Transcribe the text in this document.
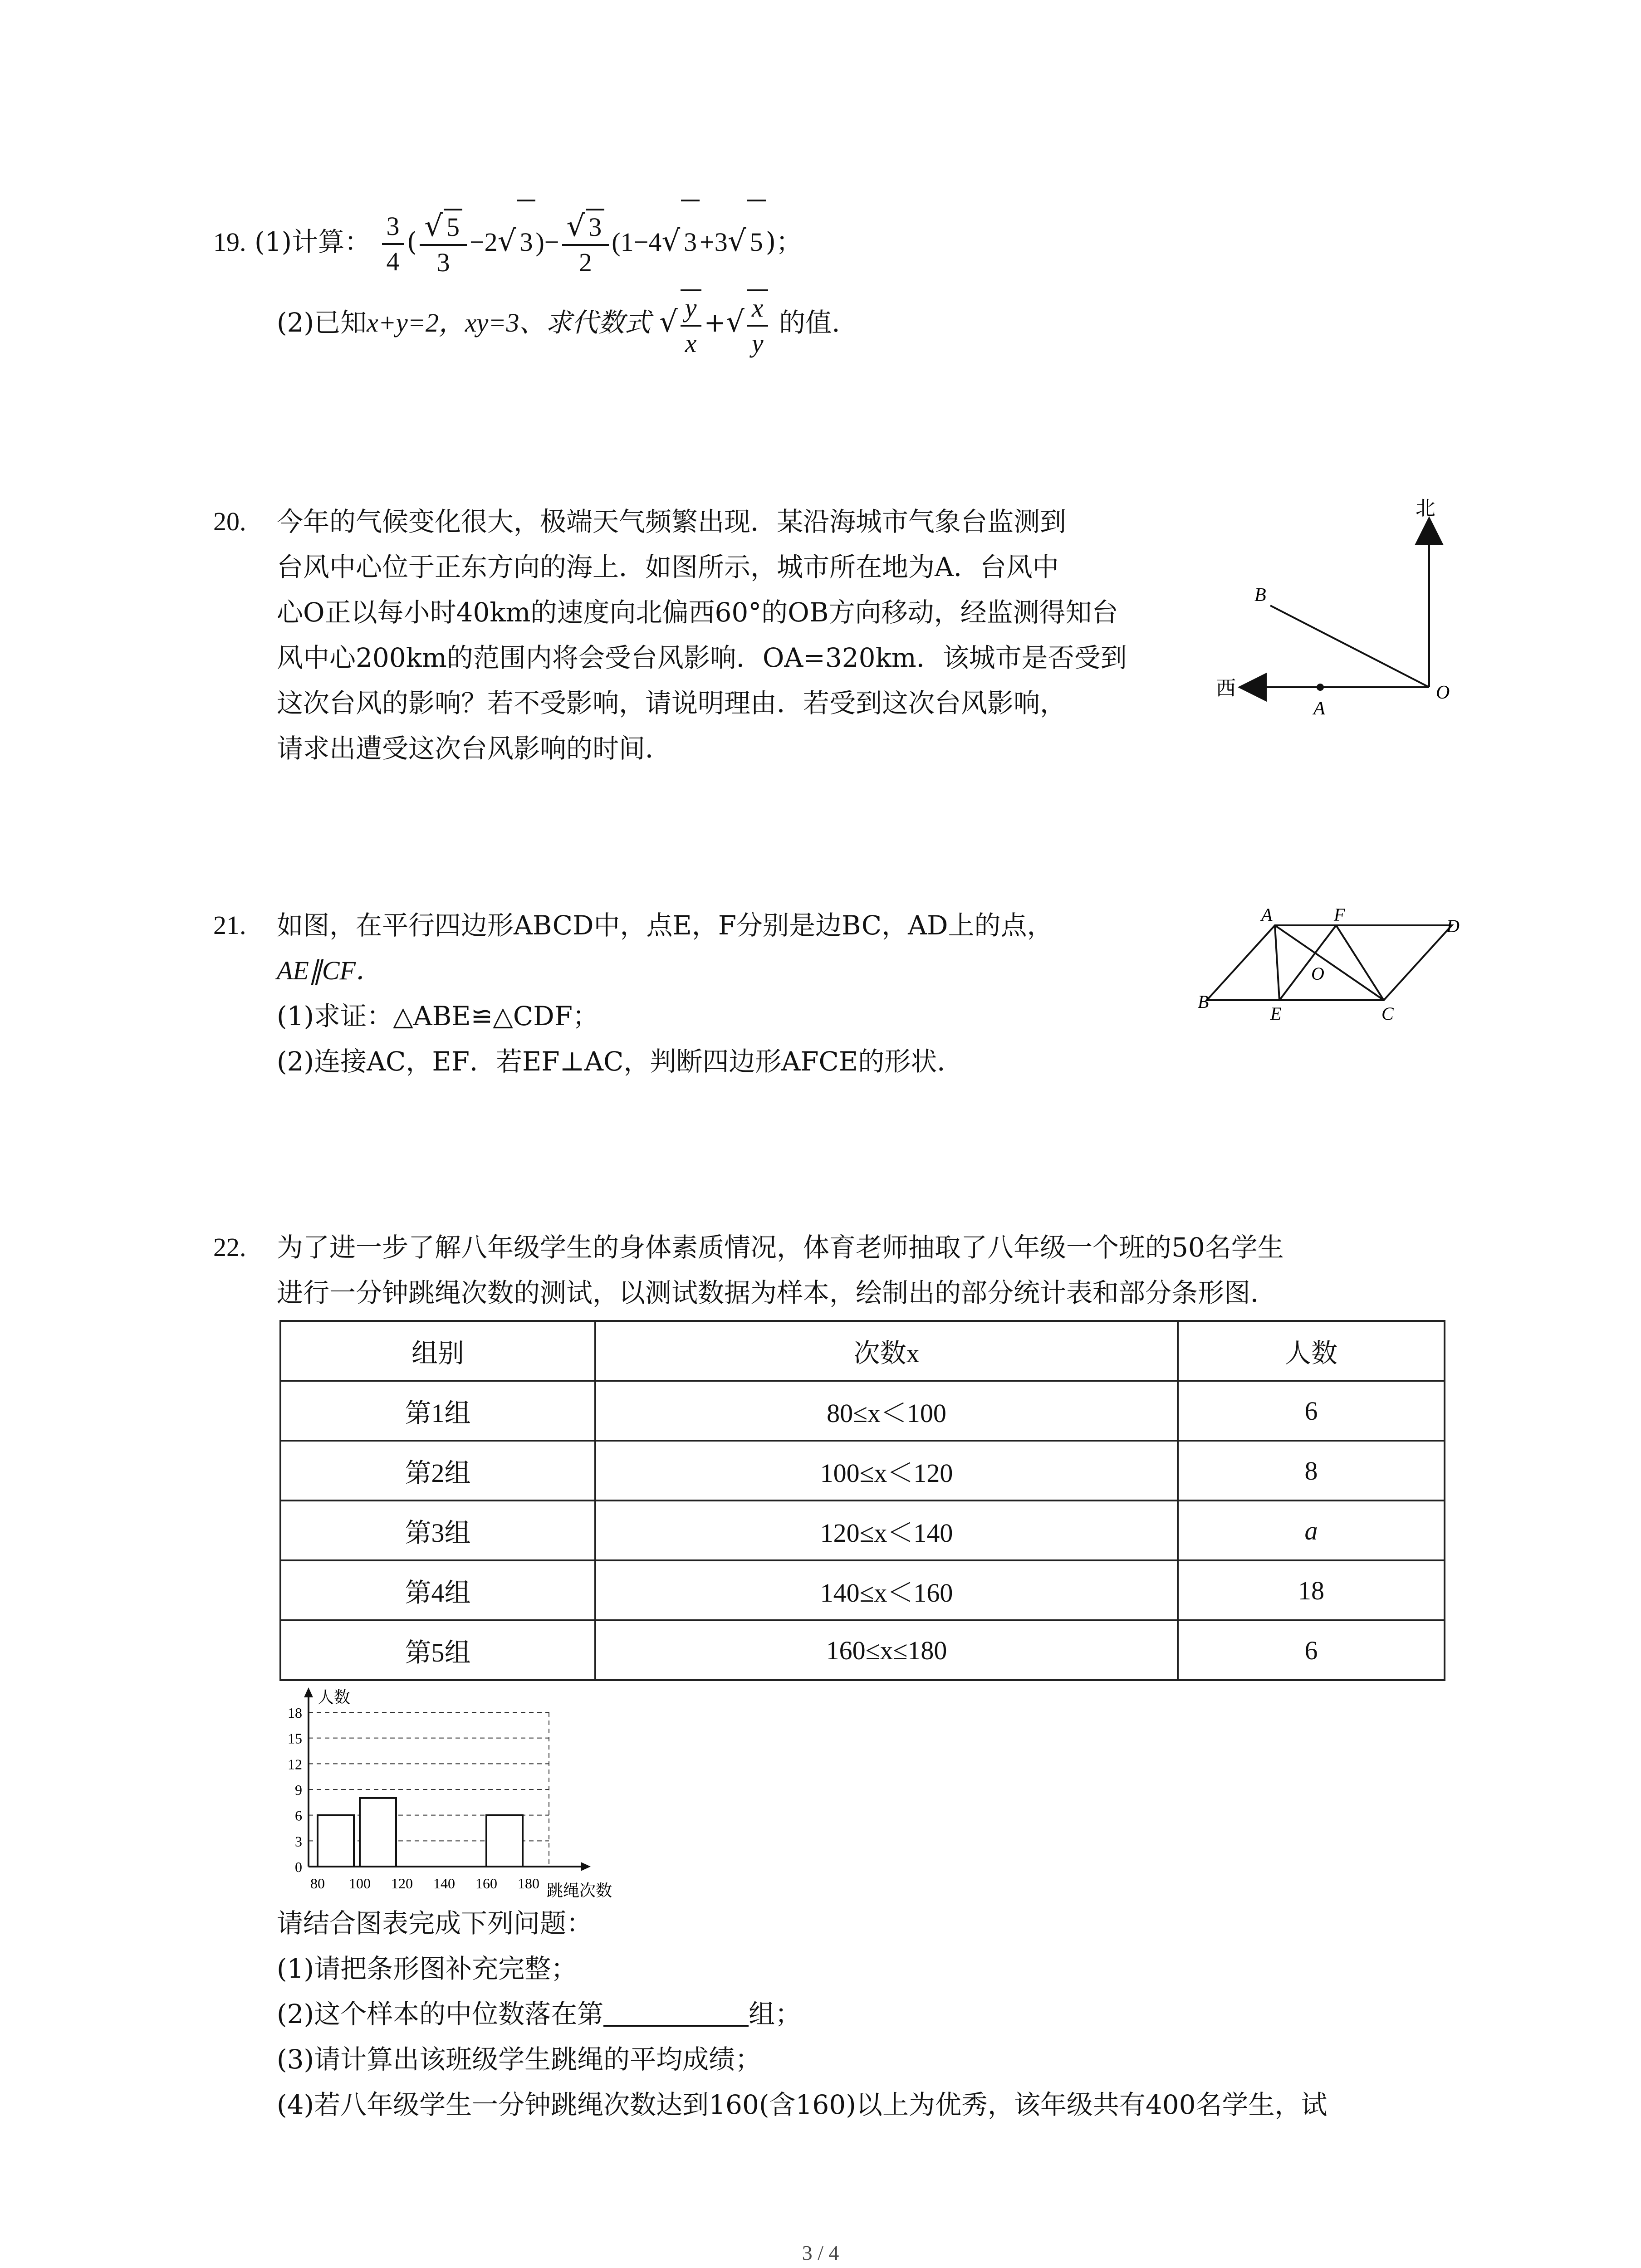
19. (1)计算： $\frac{3}{4}$ ( $\frac{√ 5}{3} -2√$ 3 )− $\frac{√ 3}{2} (1-4√$ 3 +3√ 5 )；
(2)已知x+y=2，xy=3、求代数式 √ $\frac{y}{x}$ +√ $\frac{x}{y}$ 的值.
20. 今年的气候变化很大，极端天气频繁出现．某沿海城市气象台监测到
台风中心位于正东方向的海上．如图所示，城市所在地为A．台风中
心O正以每小时40km的速度向北偏西60°的OB方向移动，经监测得知台
风中心200km的范围内将会受台风影响．OA=320km．该城市是否受到
这次台风的影响？若不受影响，请说明理由．若受到这次台风影响，
请求出遭受这次台风影响的时间．
北
西
B
A
O
21. 如图，在平行四边形ABCD中，点E，F分别是边BC，AD上的点，
AE∥CF．
(1)求证：△ABE≌△CDF；
(2)连接AC，EF．若EF⊥AC，判断四边形AFCE的形状．
A	F
D
B
E	C
O
22. 为了进一步了解八年级学生的身体素质情况，体育老师抽取了八年级一个班的50名学生
进行一分钟跳绳次数的测试，以测试数据为样本，绘制出的部分统计表和部分条形图．
组别	次数x	人数
第1组	80≤x＜100	6
第2组	100≤x＜120	8
第3组	120≤x＜140	a
第4组	140≤x＜160	18
第5组	160≤x≤180	6
0
3
6
9
12
15
18
80 100 120 140 160 180
人数
跳绳次数
请结合图表完成下列问题：
(1)请把条形图补充完整；
(2)这个样本的中位数落在第	组；
(3)请计算出该班级学生跳绳的平均成绩；
(4)若八年级学生一分钟跳绳次数达到160(含160)以上为优秀，该年级共有400名学生，试
3 / 4
